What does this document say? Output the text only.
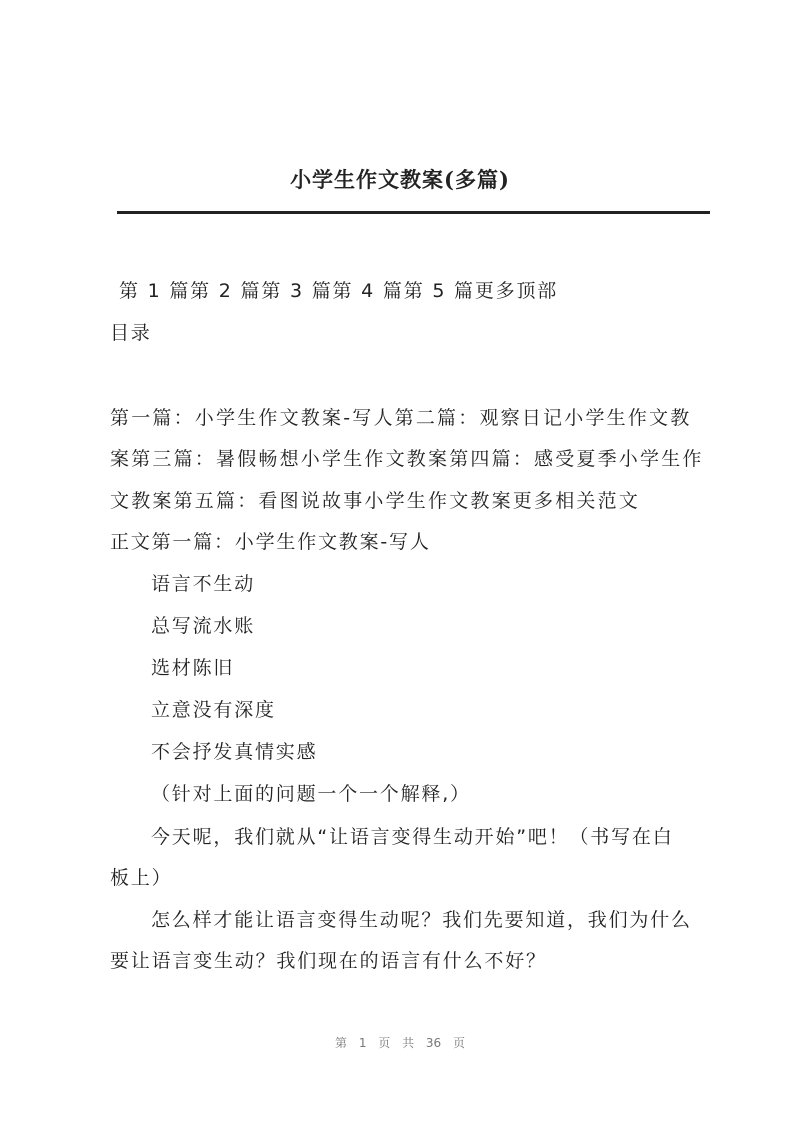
小学生作文教案(多篇)
第 1 篇第 2 篇第 3 篇第 4 篇第 5 篇更多顶部
目录
第一篇：小学生作文教案-写人第二篇：观察日记小学生作文教
案第三篇：暑假畅想小学生作文教案第四篇：感受夏季小学生作
文教案第五篇：看图说故事小学生作文教案更多相关范文
正文第一篇：小学生作文教案-写人
语言不生动
总写流水账
选材陈旧
立意没有深度
不会抒发真情实感
（针对上面的问题一个一个解释,）
今天呢，我们就从“让语言变得生动开始”吧！（书写在白
板上）
怎么样才能让语言变得生动呢？我们先要知道，我们为什么
要让语言变生动？我们现在的语言有什么不好？
第 1 页 共 36 页
